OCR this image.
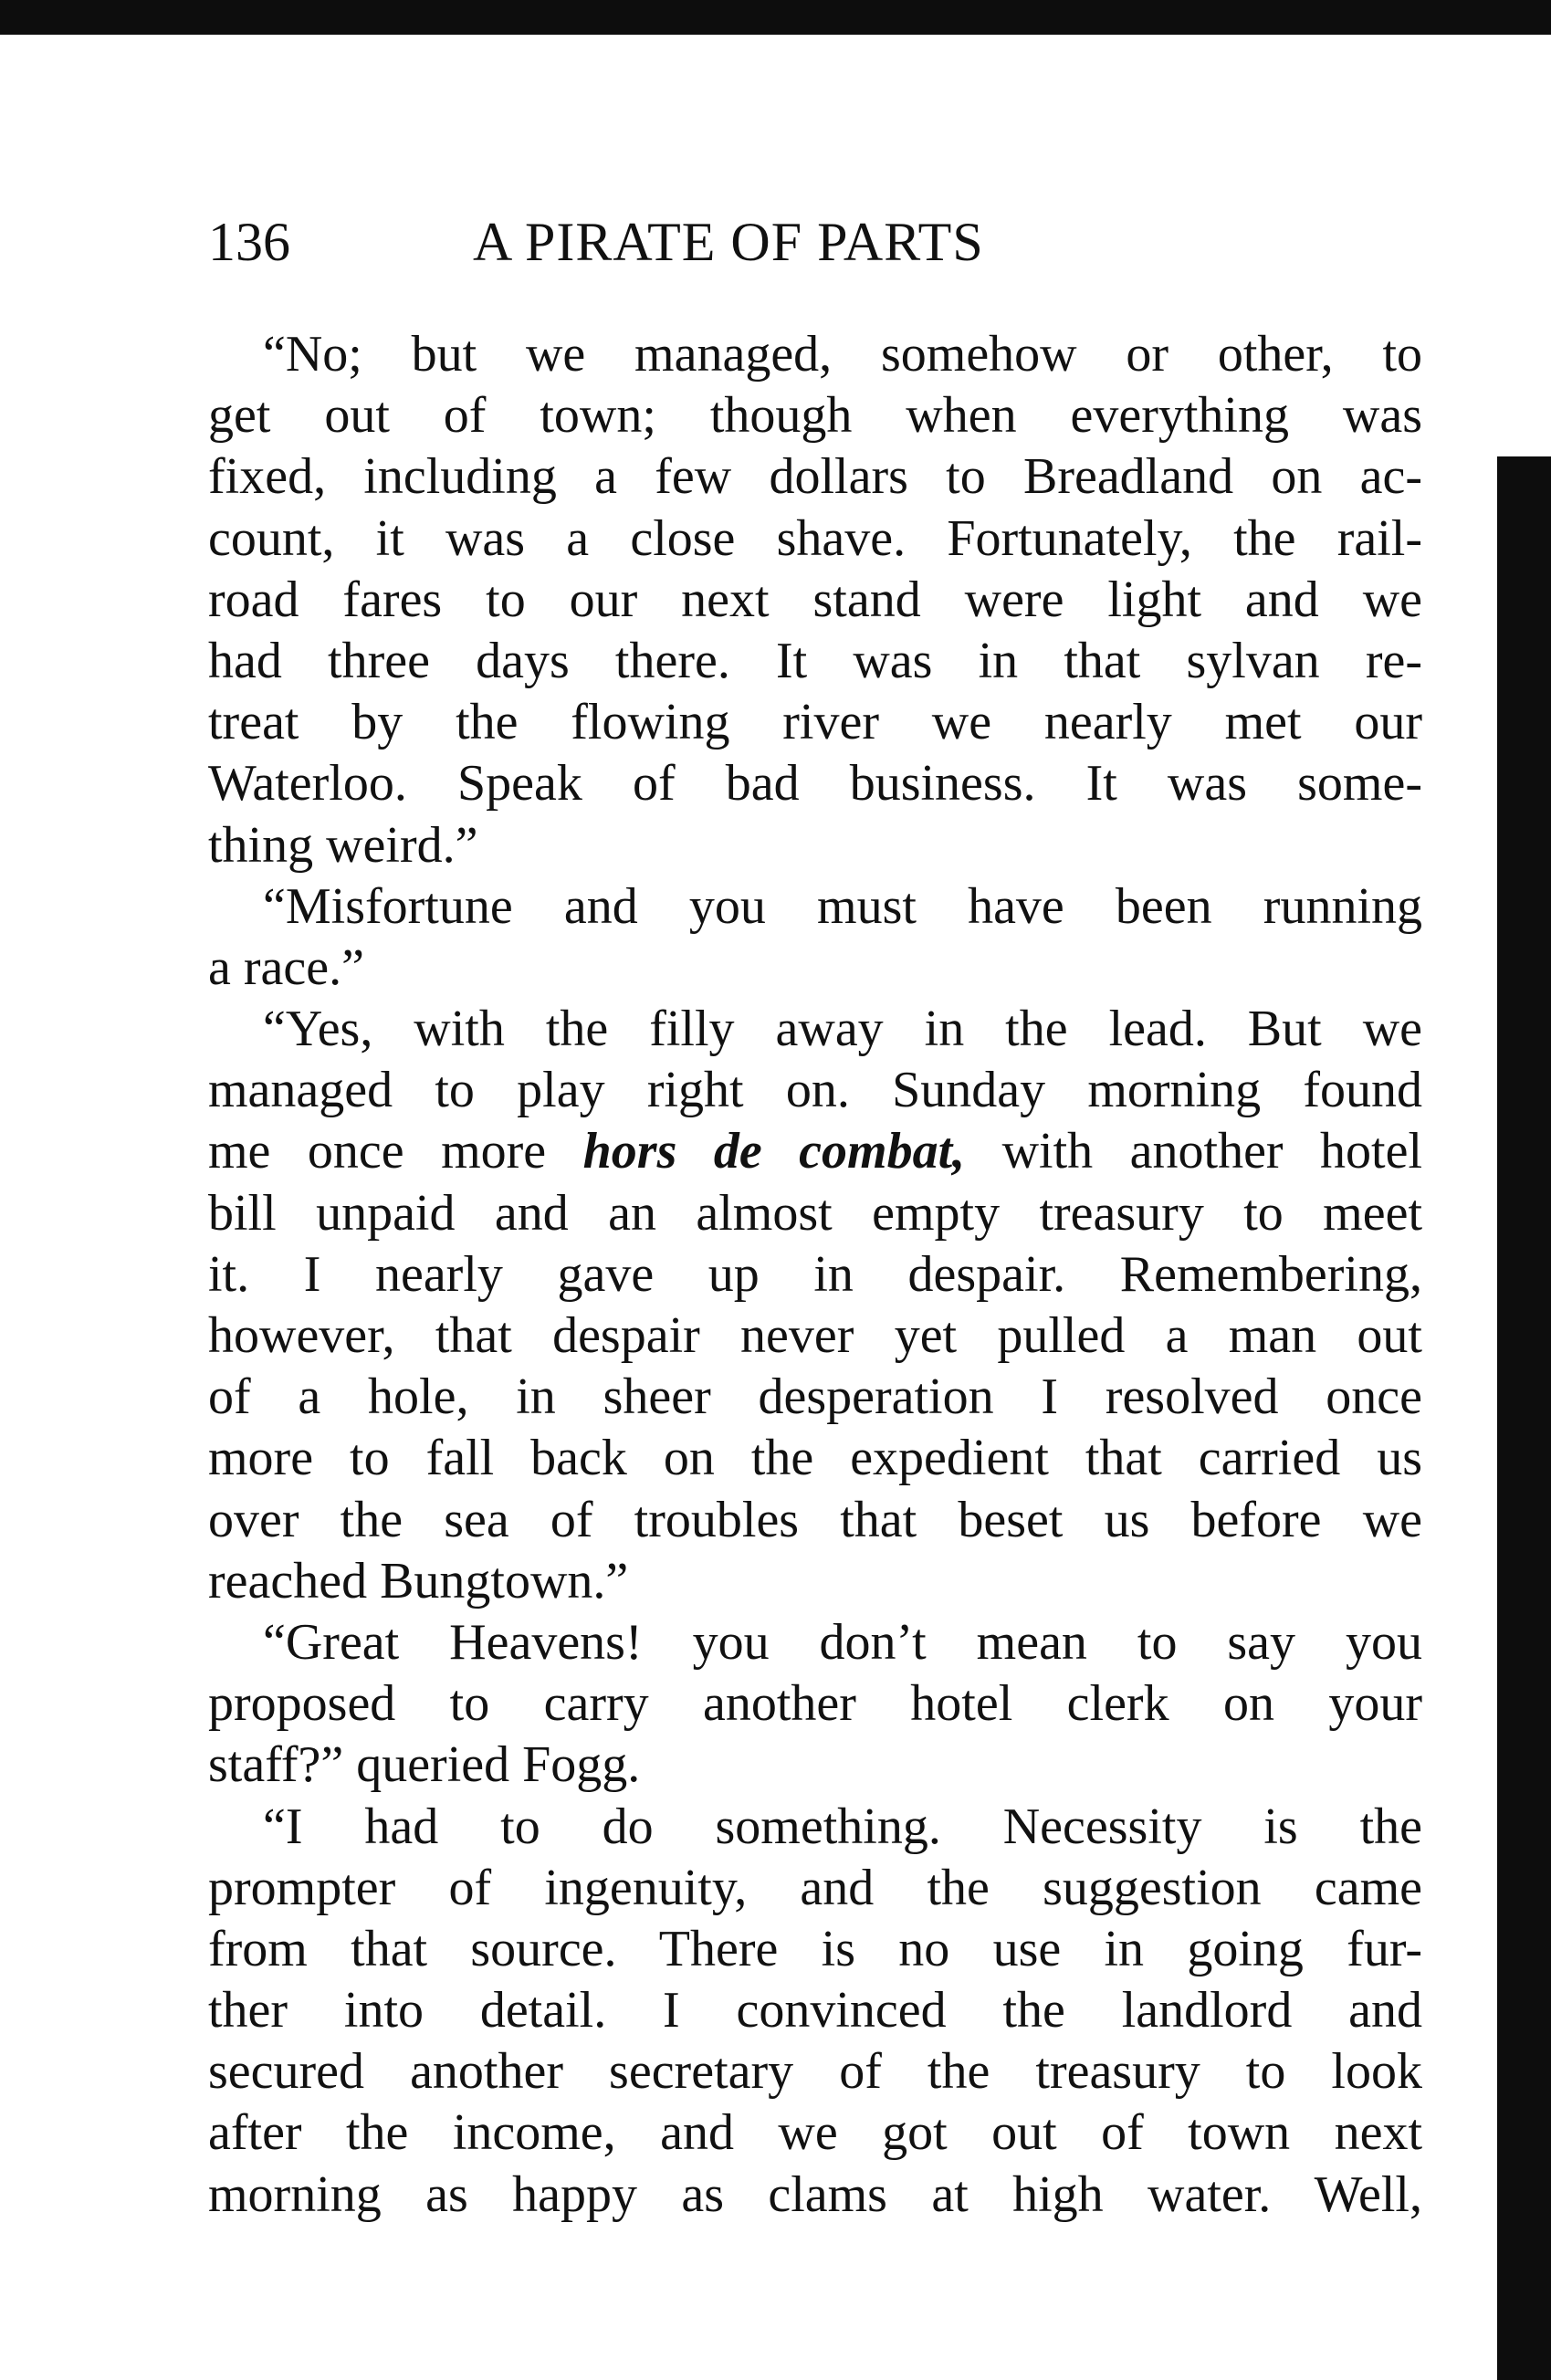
136	A PIRATE OF PARTS
“No; but we managed, somehow or other, to
get out of town; though when everything was
fixed, including a few dollars to Breadland on ac-
count, it was a close shave. Fortunately, the rail-
road fares to our next stand were light and we
had three days there. It was in that sylvan re-
treat by the flowing river we nearly met our
Waterloo. Speak of bad business. It was some-
thing weird.”
“Misfortune and you must have been running
a race.”
“Yes, with the filly away in the lead. But we
managed to play right on. Sunday morning found
me once more hors de combat, with another hotel
bill unpaid and an almost empty treasury to meet
it. I nearly gave up in despair. Remembering,
however, that despair never yet pulled a man out
of a hole, in sheer desperation I resolved once
more to fall back on the expedient that carried us
over the sea of troubles that beset us before we
reached Bungtown.”
“Great Heavens! you don’t mean to say you
proposed to carry another hotel clerk on your
staff?” queried Fogg.
“I had to do something. Necessity is the
prompter of ingenuity, and the suggestion came
from that source. There is no use in going fur-
ther into detail. I convinced the landlord and
secured another secretary of the treasury to look
after the income, and we got out of town next
morning as happy as clams at high water. Well,
